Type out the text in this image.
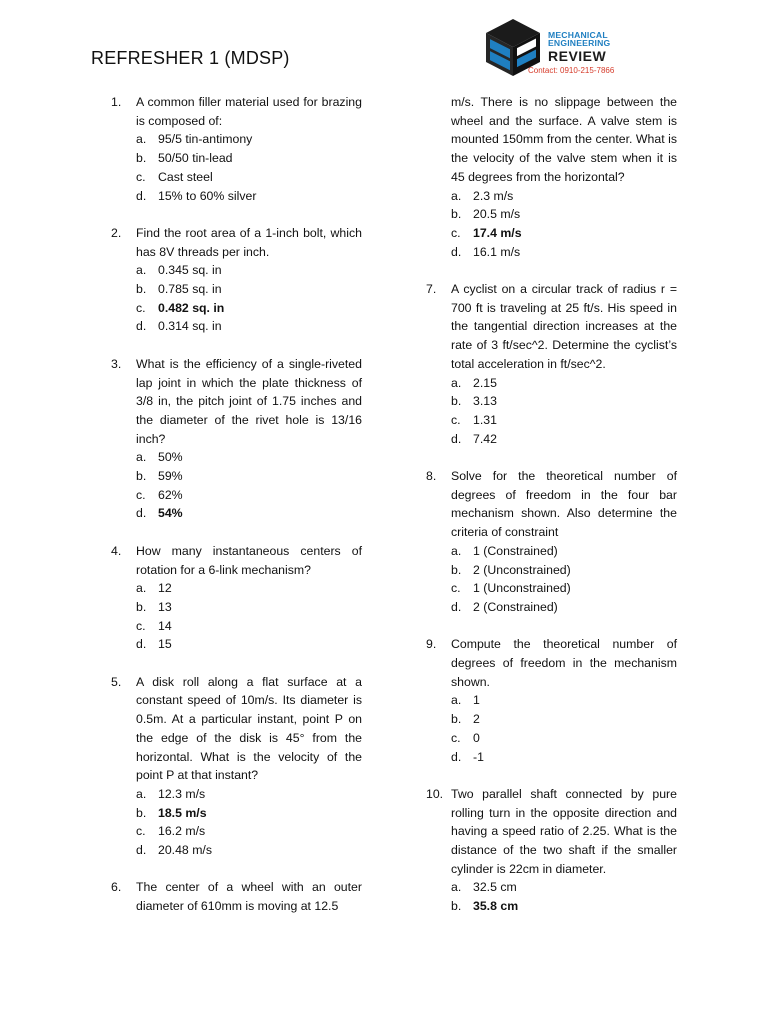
REFRESHER 1 (MDSP)
MECHANICAL
ENGINEERING
REVIEW
Contact: 0910-215-7866
1. A common filler material used for brazing is composed of:
a. 95/5 tin-antimony
b. 50/50 tin-lead
c. Cast steel
d. 15% to 60% silver
2. Find the root area of a 1-inch bolt, which has 8V threads per inch.
a. 0.345 sq. in
b. 0.785 sq. in
c. 0.482 sq. in
d. 0.314 sq. in
3. What is the efficiency of a single-riveted lap joint in which the plate thickness of 3/8 in, the pitch joint of 1.75 inches and the diameter of the rivet hole is 13/16 inch?
a. 50%
b. 59%
c. 62%
d. 54%
4. How many instantaneous centers of rotation for a 6-link mechanism?
a. 12
b. 13
c. 14
d. 15
5. A disk roll along a flat surface at a constant speed of 10m/s. Its diameter is 0.5m. At a particular instant, point P on the edge of the disk is 45° from the horizontal. What is the velocity of the point P at that instant?
a. 12.3 m/s
b. 18.5 m/s
c. 16.2 m/s
d. 20.48 m/s
6. The center of a wheel with an outer diameter of 610mm is moving at 12.5
m/s. There is no slippage between the wheel and the surface. A valve stem is mounted 150mm from the center. What is the velocity of the valve stem when it is 45 degrees from the horizontal?
a. 2.3 m/s
b. 20.5 m/s
c. 17.4 m/s
d. 16.1 m/s
7. A cyclist on a circular track of radius r = 700 ft is traveling at 25 ft/s. His speed in the tangential direction increases at the rate of 3 ft/sec^2. Determine the cyclist’s total acceleration in ft/sec^2.
a. 2.15
b. 3.13
c. 1.31
d. 7.42
8. Solve for the theoretical number of degrees of freedom in the four bar mechanism shown. Also determine the criteria of constraint
a. 1 (Constrained)
b. 2 (Unconstrained)
c. 1 (Unconstrained)
d. 2 (Constrained)
9. Compute the theoretical number of degrees of freedom in the mechanism shown.
a. 1
b. 2
c. 0
d. -1
10. Two parallel shaft connected by pure rolling turn in the opposite direction and having a speed ratio of 2.25. What is the distance of the two shaft if the smaller cylinder is 22cm in diameter.
a. 32.5 cm
b. 35.8 cm
